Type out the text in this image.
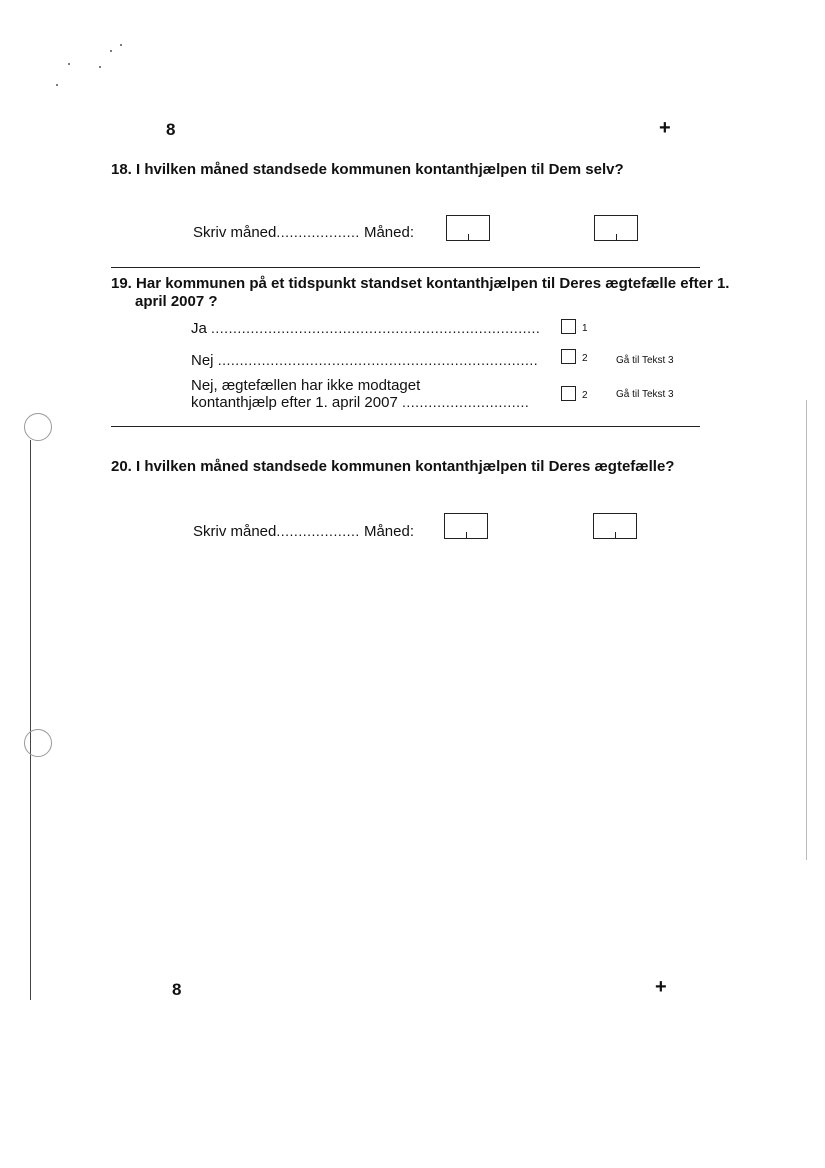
8	+
18. I hvilken måned standsede kommunen kontanthjælpen til Dem selv?
Skriv måned................... Måned:
19. Har kommunen på et tidspunkt standset kontanthjælpen til Deres ægtefælle efter 1.
april 2007 ?
Ja ...........................................................................	1
Nej .........................................................................	2	Gå til Tekst 3
Nej, ægtefællen har ikke modtaget
kontanthjælp efter 1. april 2007 .............................	2	Gå til Tekst 3
20. I hvilken måned standsede kommunen kontanthjælpen til Deres ægtefælle?
Skriv måned................... Måned:
8	+
